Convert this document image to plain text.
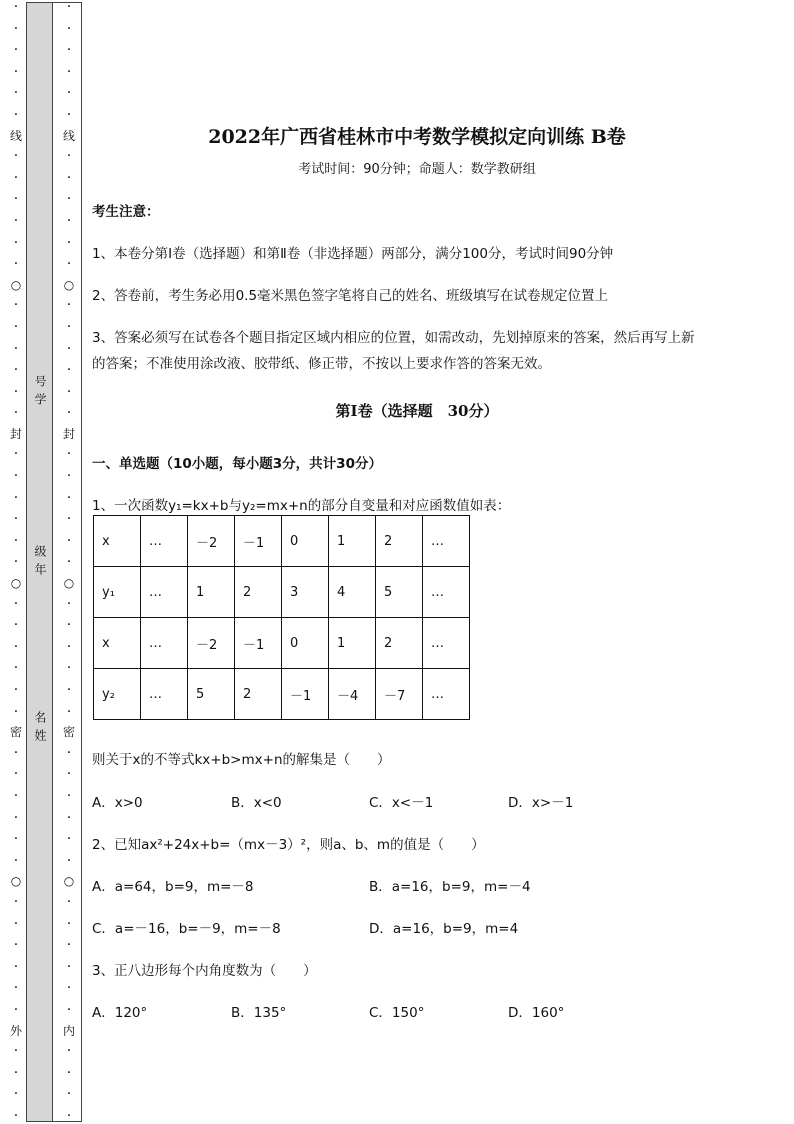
·
·
·
·
·
·
线
·
·
·
·
·
·
○
·
·
·
·
·
·
封
·
·
·
·
·
·
○
·
·
·
·
·
·
密
·
·
·
·
·
·
○
·
·
·
·
·
·
外
·
·
·
·
号学
级年
名姓
·
·
·
·
·
·
线
·
·
·
·
·
·
○
·
·
·
·
·
·
封
·
·
·
·
·
·
○
·
·
·
·
·
·
密
·
·
·
·
·
·
○
·
·
·
·
·
·
内
·
·
·
·
2022年广西省桂林市中考数学模拟定向训练 B卷
考试时间：90分钟；命题人：数学教研组
考生注意：
1、本卷分第I卷（选择题）和第Ⅱ卷（非选择题）两部分，满分100分，考试时间90分钟
2、答卷前，考生务必用0.5毫米黑色签字笔将自己的姓名、班级填写在试卷规定位置上
3、答案必须写在试卷各个题目指定区域内相应的位置，如需改动，先划掉原来的答案，然后再写上新
的答案；不准使用涂改液、胶带纸、修正带，不按以上要求作答的答案无效。
第I卷（选择题　30分）
一、单选题（10小题，每小题3分，共计30分）
1、一次函数y₁=kx+b与y₂=mx+n的部分自变量和对应函数值如表：
x	…	－2	－1	0	1	2	…
y₁	…	1	2	3	4	5	…
x	…	－2	－1	0	1	2	…
y₂	…	5	2	－1	－4	－7	…
则关于x的不等式kx+b>mx+n的解集是（　　）
A．x>0	B．x<0	C．x<－1	D．x>－1
2、已知ax²+24x+b=（mx－3）²，则a、b、m的值是（　　）
A．a=64，b=9，m=－8	B．a=16，b=9，m=－4
C．a=－16，b=－9，m=－8	D．a=16，b=9，m=4
3、正八边形每个内角度数为（　　）
A．120°	B．135°	C．150°	D．160°
